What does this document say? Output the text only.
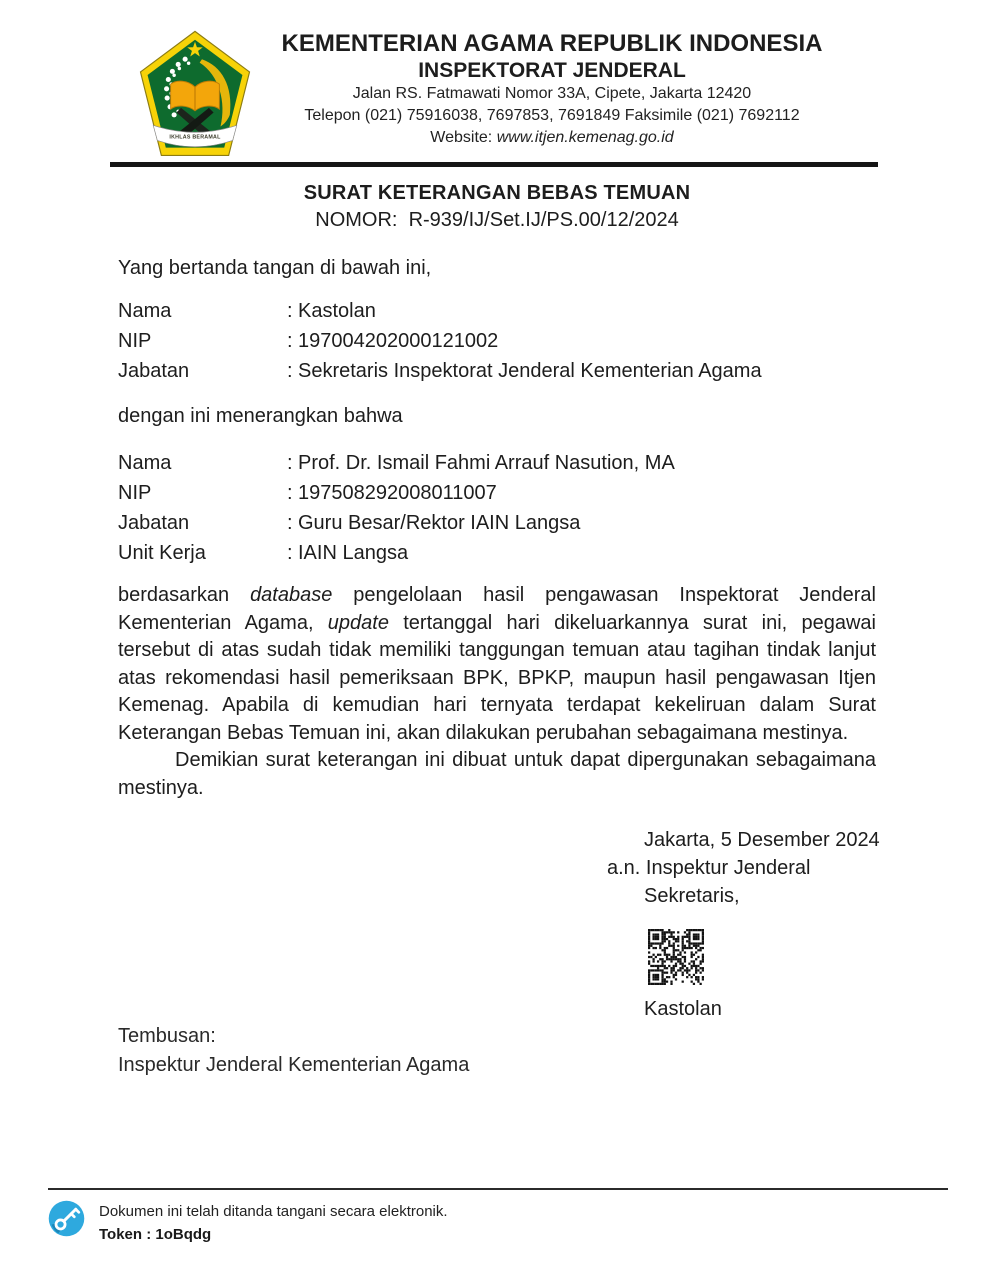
IKHLAS BERAMAL
KEMENTERIAN AGAMA REPUBLIK INDONESIA
INSPEKTORAT JENDERAL
Jalan RS. Fatmawati Nomor 33A, Cipete, Jakarta 12420
Telepon (021) 75916038, 7697853, 7691849 Faksimile (021) 7692112
Website: www.itjen.kemenag.go.id
SURAT KETERANGAN BEBAS TEMUAN
NOMOR:  R-939/IJ/Set.IJ/PS.00/12/2024
Yang bertanda tangan di bawah ini,
Nama	: Kastolan
NIP	: 197004202000121002
Jabatan	: Sekretaris Inspektorat Jenderal Kementerian Agama
dengan ini menerangkan bahwa
Nama	: Prof. Dr. Ismail Fahmi Arrauf Nasution, MA
NIP	: 197508292008011007
Jabatan	: Guru Besar/Rektor IAIN Langsa
Unit Kerja	: IAIN Langsa

berdasarkan database pengelolaan hasil pengawasan Inspektorat Jenderal Kementerian Agama, update tertanggal hari dikeluarkannya surat ini, pegawai tersebut di atas sudah tidak memiliki tanggungan temuan atau tagihan tindak lanjut atas rekomendasi hasil pemeriksaan BPK, BPKP, maupun hasil pengawasan Itjen Kemenag. Apabila di kemudian hari ternyata terdapat kekeliruan dalam Surat Keterangan Bebas Temuan ini, akan dilakukan perubahan sebagaimana mestinya.

Demikian surat keterangan ini dibuat untuk dapat dipergunakan sebagaimana mestinya.

Jakarta, 5 Desember 2024
a.n. Inspektur Jenderal
Sekretaris,
Kastolan
Tembusan:
Inspektur Jenderal Kementerian Agama
Dokumen ini telah ditanda tangani secara elektronik.
Token : 1oBqdg
